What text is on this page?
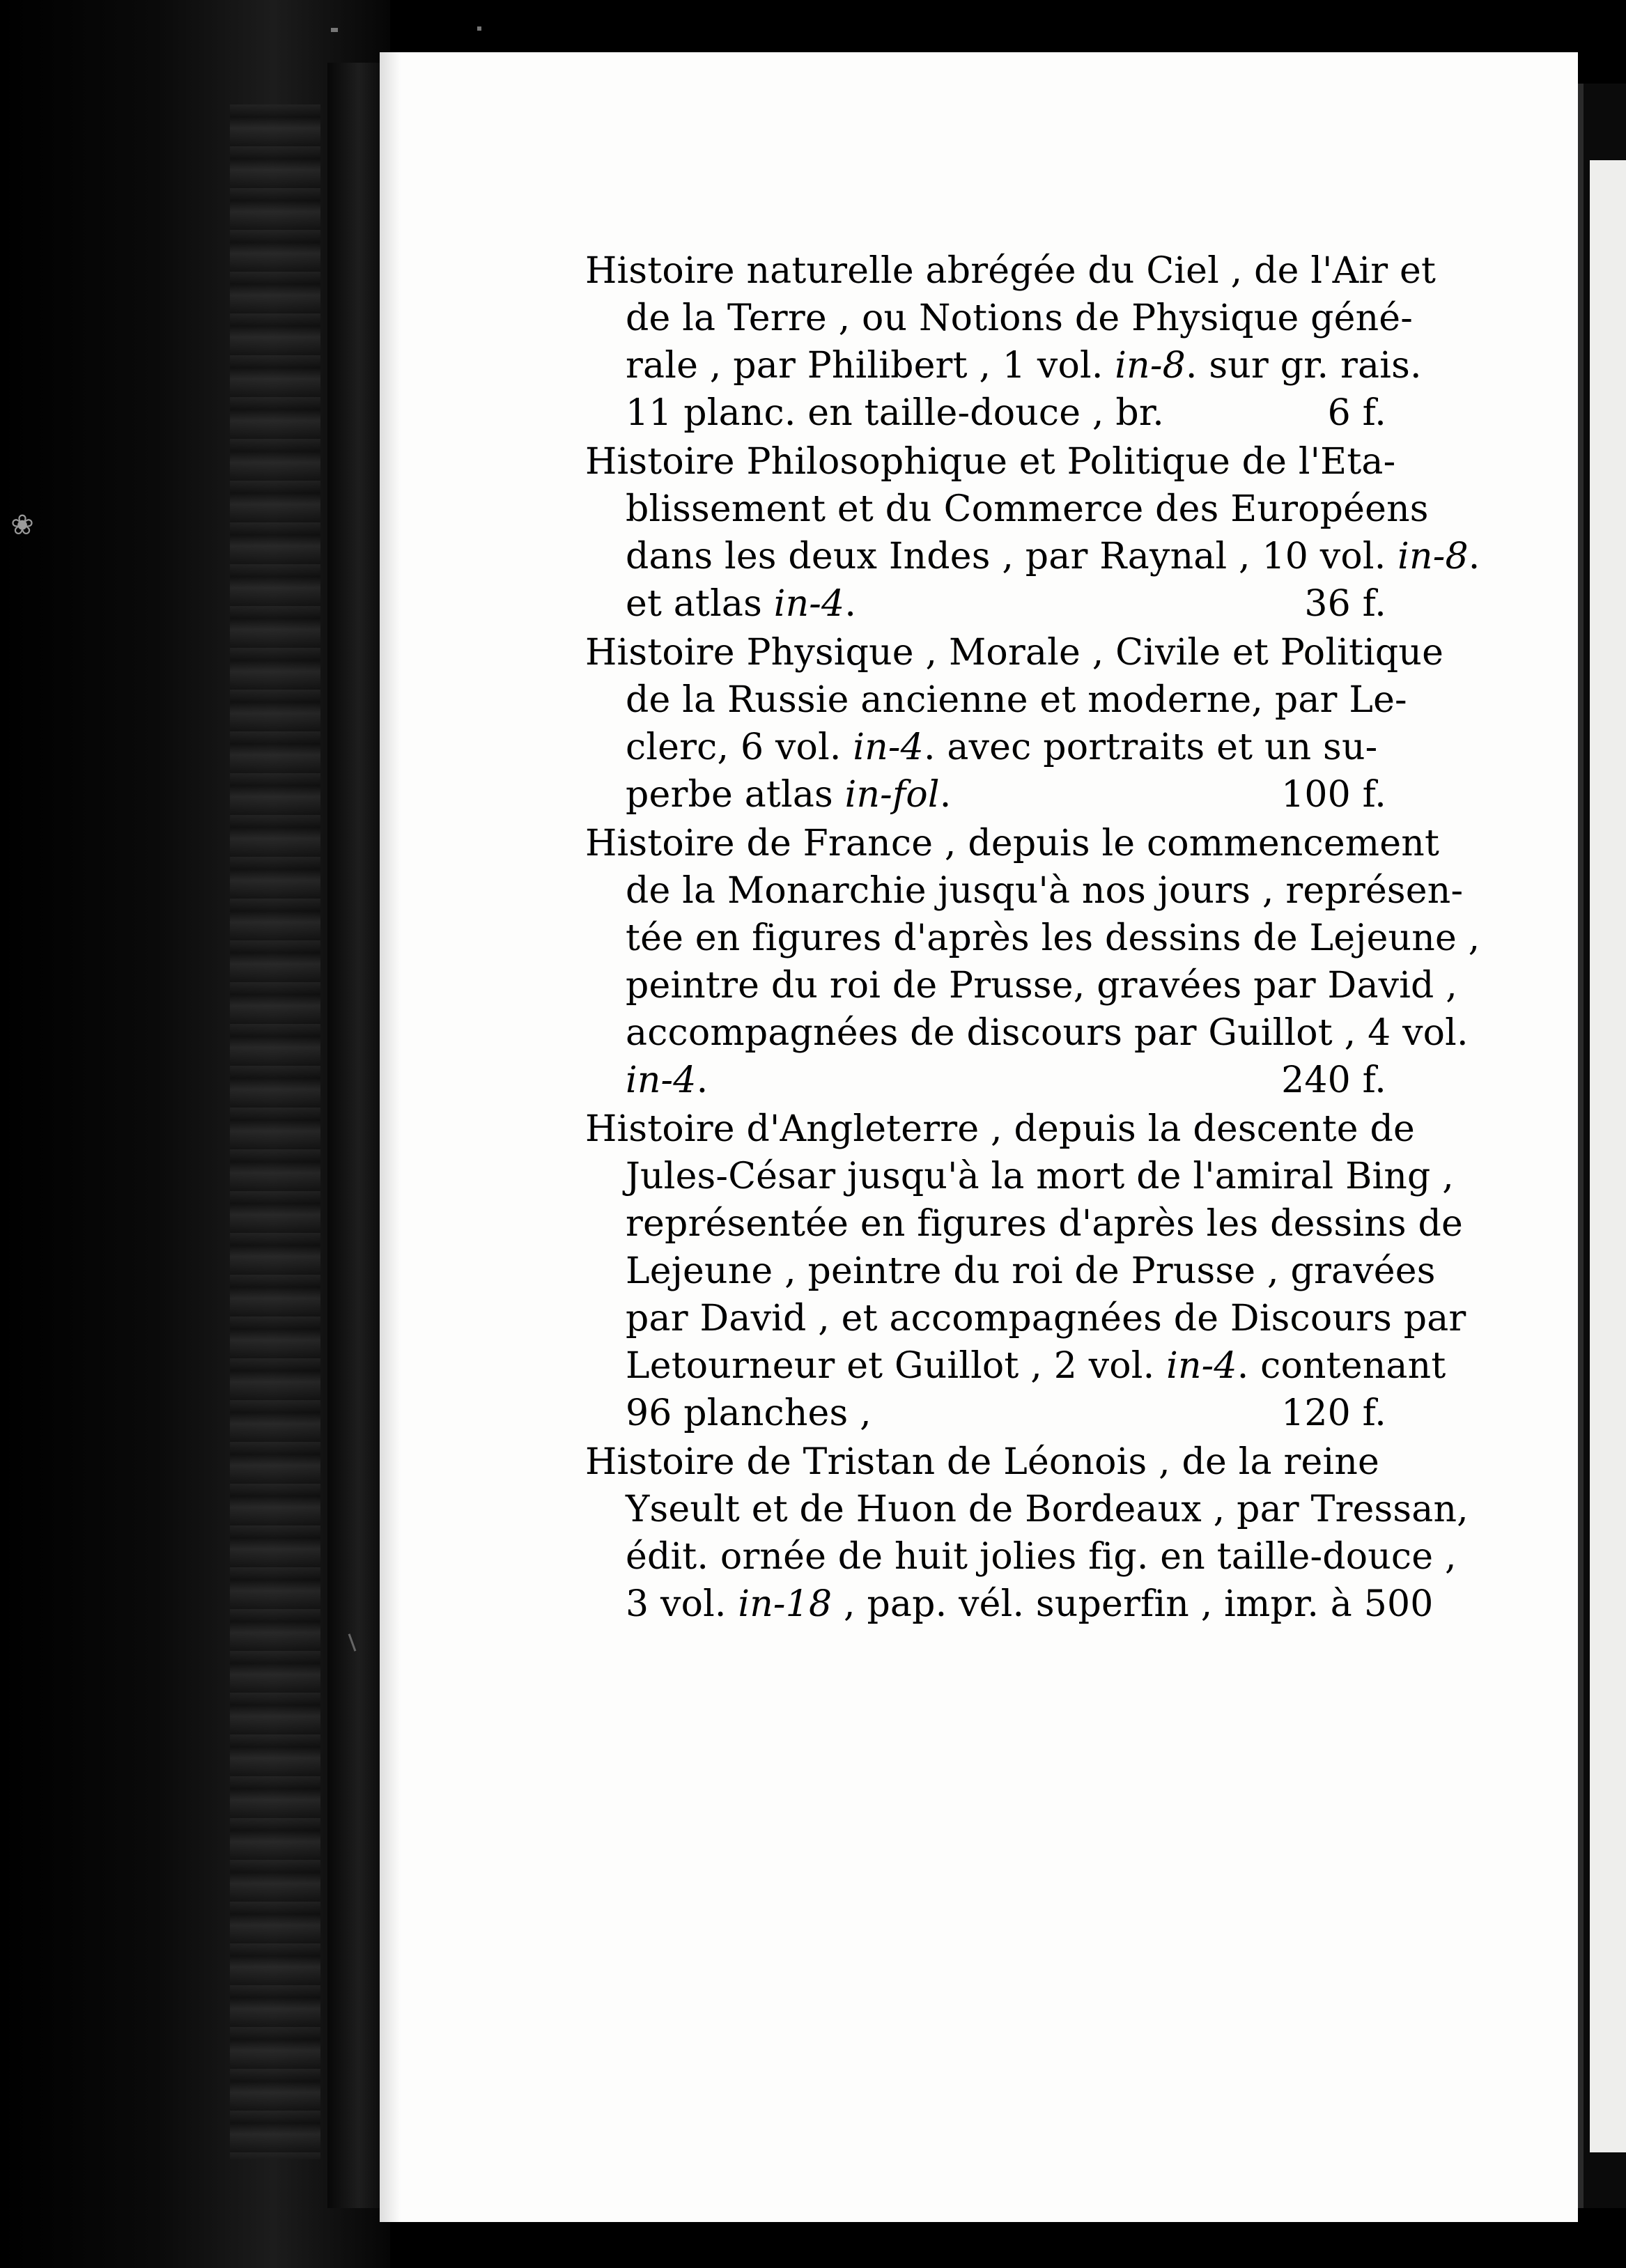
❀
Histoire naturelle abrégée du Ciel , de l'Air et
de la Terre , ou Notions de Physique géné-
rale , par Philibert , 1 vol. in-8. sur gr. rais.
11 planc. en taille-douce , br.	6 f.
Histoire Philosophique et Politique de l'Eta-
blissement et du Commerce des Européens
dans les deux Indes , par Raynal , 10 vol. in-8
et atlas in-4.	36 f.
Histoire Physique , Morale , Civile et Politique
de la Russie ancienne et moderne, par Le-
clerc, 6 vol. in-4. avec portraits et un su-
perbe atlas in-fol.	100 f.
Histoire de France , depuis le commencement
de la Monarchie jusqu'à nos jours , représen-
tée en figures d'après les dessins de Lejeune ,
peintre du roi de Prusse, gravées par David ,
accompagnées de discours par Guillot , 4 vol.
in-4.	240 f.
Histoire d'Angleterre , depuis la descente de
Jules-César jusqu'à la mort de l'amiral Bing ,
représentée en figures d'après les dessins de
Lejeune , peintre du roi de Prusse , gravées
par David , et accompagnées de Discours par
Letourneur et Guillot , 2 vol. in-4. contenant
96 planches ,	120 f.
Histoire de Tristan de Léonois , de la reine
Yseult et de Huon de Bordeaux , par Tressan,
édit. ornée de huit jolies fig. en taille-douce ,
3 vol. in-18 , pap. vél. superfin , impr. à 500
